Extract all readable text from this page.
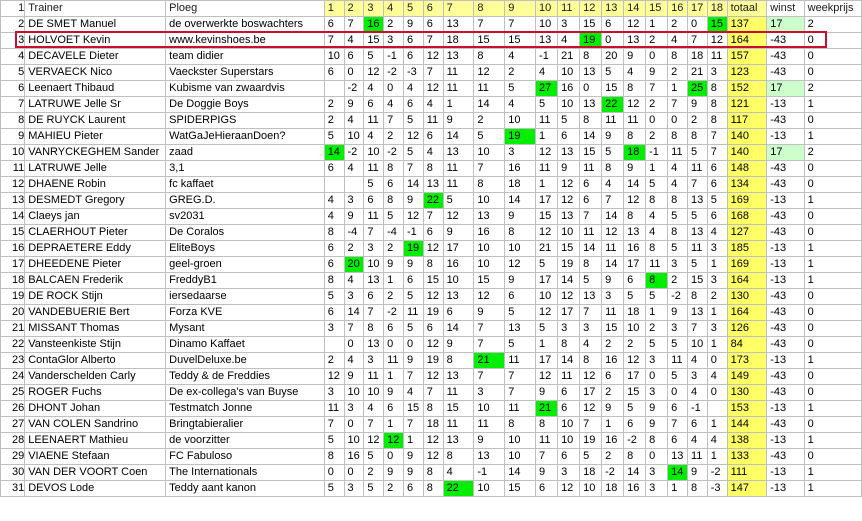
1	Trainer	Ploeg	1	2	3	4	5	6	7	8	9	10	11	12	13	14	15	16	17	18	totaal	winst	weekprijs
2	DE SMET Manuel	de overwerkte boswachters	6	7	16	2	9	6	13	7	7	10	3	15	6	12	1	2	0	15	137	17	2
3	HOLVOET Kevin	www.kevinshoes.be	7	4	15	3	6	7	18	15	15	13	4	19	0	13	2	4	7	12	164	-43	0
4	DECAVELE Dieter	team didier	10	6	5	-1	6	12	13	8	4	-1	21	8	20	9	0	8	18	11	157	-43	0
5	VERVAECK Nico	Vaeckster Superstars	6	0	12	-2	-3	7	11	12	2	4	10	13	5	4	9	2	21	3	123	-43	0
6	Leenaert Thibaud	Kubisme van zwaardvis		-2	4	0	4	12	11	11	5	27	16	0	15	8	7	1	25	8	152	17	2
7	LATRUWE Jelle Sr	De Doggie Boys	2	9	6	4	6	4	1	14	4	5	10	13	22	12	2	7	9	8	121	-13	1
8	DE RUYCK Laurent	SPIDERPIGS	2	4	11	7	5	11	9	2	10	11	5	8	11	11	0	0	2	8	117	-43	0
9	MAHIEU Pieter	WatGaJeHieraanDoen?	5	10	4	2	12	6	14	5	19	1	6	14	9	8	2	8	8	7	140	-13	1
10	VANRYCKEGHEM Sander	zaad	14	-2	10	-2	5	4	13	10	3	12	13	15	5	18	-1	11	5	7	140	17	2
11	LATRUWE Jelle	3,1	6	4	11	8	7	8	11	7	16	11	9	11	8	9	1	4	11	6	148	-43	0
12	DHAENE Robin	fc kaffaet			5	6	14	13	11	8	18	1	12	6	4	14	5	4	7	6	134	-43	0
13	DESMEDT Gregory	GREG.D.	4	3	6	8	9	22	5	10	14	17	12	6	7	12	8	8	13	5	169	-13	1
14	Claeys jan	sv2031	4	9	11	5	12	7	12	13	9	15	13	7	14	8	4	5	5	6	168	-43	0
15	CLAERHOUT Pieter	De Coralos	8	-4	7	-4	-1	6	9	16	8	12	10	11	12	13	4	8	13	4	127	-43	0
16	DEPRAETERE Eddy	EliteBoys	6	2	3	2	19	12	17	10	10	21	15	14	11	16	8	5	11	3	185	-13	1
17	DHEEDENE Pieter	geel-groen	6	20	10	9	9	8	16	10	12	5	19	8	14	17	11	3	5	1	169	-13	1
18	BALCAEN Frederik	FreddyB1	8	4	13	1	6	15	10	15	9	17	14	5	9	6	8	2	15	3	164	-13	1
19	DE ROCK Stijn	iersedaarse	5	3	6	2	5	12	13	12	6	10	12	13	3	5	5	-2	8	2	130	-43	0
20	VANDEBUERIE Bert	Forza KVE	6	14	7	-2	11	19	6	9	5	12	17	7	11	18	1	9	13	1	164	-43	0
21	MISSANT Thomas	Mysant	3	7	8	6	5	6	14	7	13	5	3	3	15	10	2	3	7	3	126	-43	0
22	Vansteenkiste Stijn	Dinamo Kaffaet		0	13	0	0	12	9	7	5	1	8	4	2	2	5	5	10	1	84	-43	0
23	ContaGlor Alberto	DuvelDeluxe.be	2	4	3	11	9	19	8	21	11	17	14	8	16	12	3	11	4	0	173	-13	1
24	Vanderschelden Carly	Teddy & de Freddies	12	9	11	1	7	12	13	7	7	12	11	12	6	17	0	5	3	4	149	-43	0
25	ROGER Fuchs	De ex-collega's van Buyse	3	10	10	9	4	7	11	3	7	9	6	17	2	15	3	0	4	0	130	-43	0
26	DHONT Johan	Testmatch Jonne	11	3	4	6	15	8	15	10	11	21	6	12	9	5	9	6	-1		153	-13	1
27	VAN COLEN Sandrino	Bringtabieralier	7	0	7	1	7	18	11	11	8	8	10	7	1	6	9	7	6	1	144	-43	0
28	LEENAERT Mathieu	de voorzitter	5	10	12	12	1	12	13	9	10	11	10	19	16	-2	8	6	4	4	138	-13	1
29	VIAENE Stefaan	FC Fabuloso	8	16	5	0	9	12	8	13	10	7	6	5	2	8	0	13	11	1	133	-43	0
30	VAN DER VOORT Coen	The Internationals	0	0	2	9	9	8	4	-1	14	9	3	18	-2	14	3	14	9	-2	111	-13	1
31	DEVOS Lode	Teddy aant kanon	5	3	5	2	6	8	22	10	15	6	12	10	18	16	3	1	8	-3	147	-13	1
